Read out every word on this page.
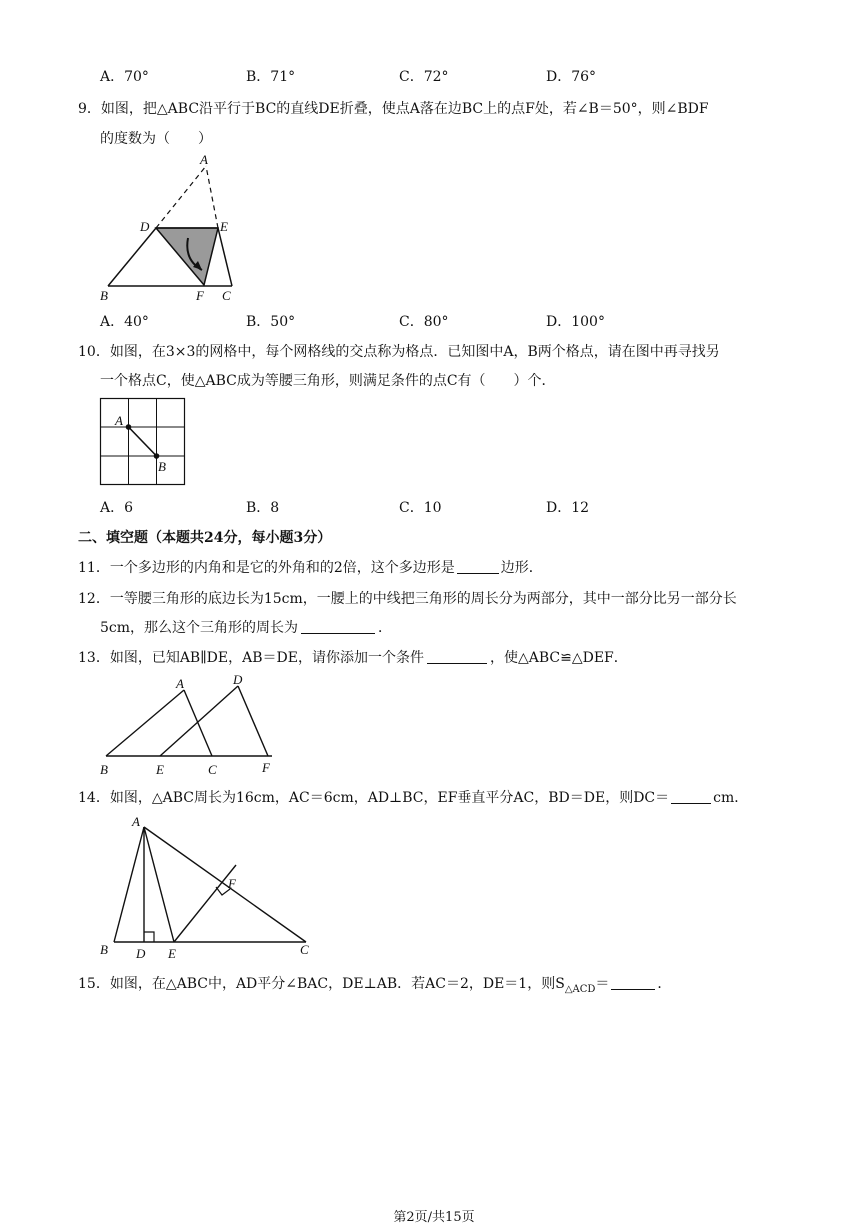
A．70°	B．71°	C．72°	D．76°
9．如图，把△ABC沿平行于BC的直线DE折叠，使点A落在边BC上的点F处，若∠B＝50°，则∠BDF
的度数为（　　）
A
D	E
B	F C
A．40°	B．50°	C．80°	D．100°
10．如图，在3×3的网格中，每个网格线的交点称为格点．已知图中A，B两个格点，请在图中再寻找另
一个格点C，使△ABC成为等腰三角形，则满足条件的点C有（　　）个．
A
B
A．6	B．8	C．10	D．12
二、填空题（本题共24分，每小题3分）
11．一个多边形的内角和是它的外角和的2倍，这个多边形是	边形．
12．一等腰三角形的底边长为15cm，一腰上的中线把三角形的周长分为两部分，其中一部分比另一部分长
5cm，那么这个三角形的周长为	．
13．如图，已知AB∥DE，AB＝DE，请你添加一个条件	，使△ABC≌△DEF．
A	D
B	E	C	F
14．如图，△ABC周长为16cm，AC＝6cm，AD⊥BC，EF垂直平分AC，BD＝DE，则DC＝	cm．
A
F
B D E	C
15．如图，在△ABC中，AD平分∠BAC，DE⊥AB．若AC＝2，DE＝1，则$S_{\triangle ACD}=$	．
第2页/共15页
